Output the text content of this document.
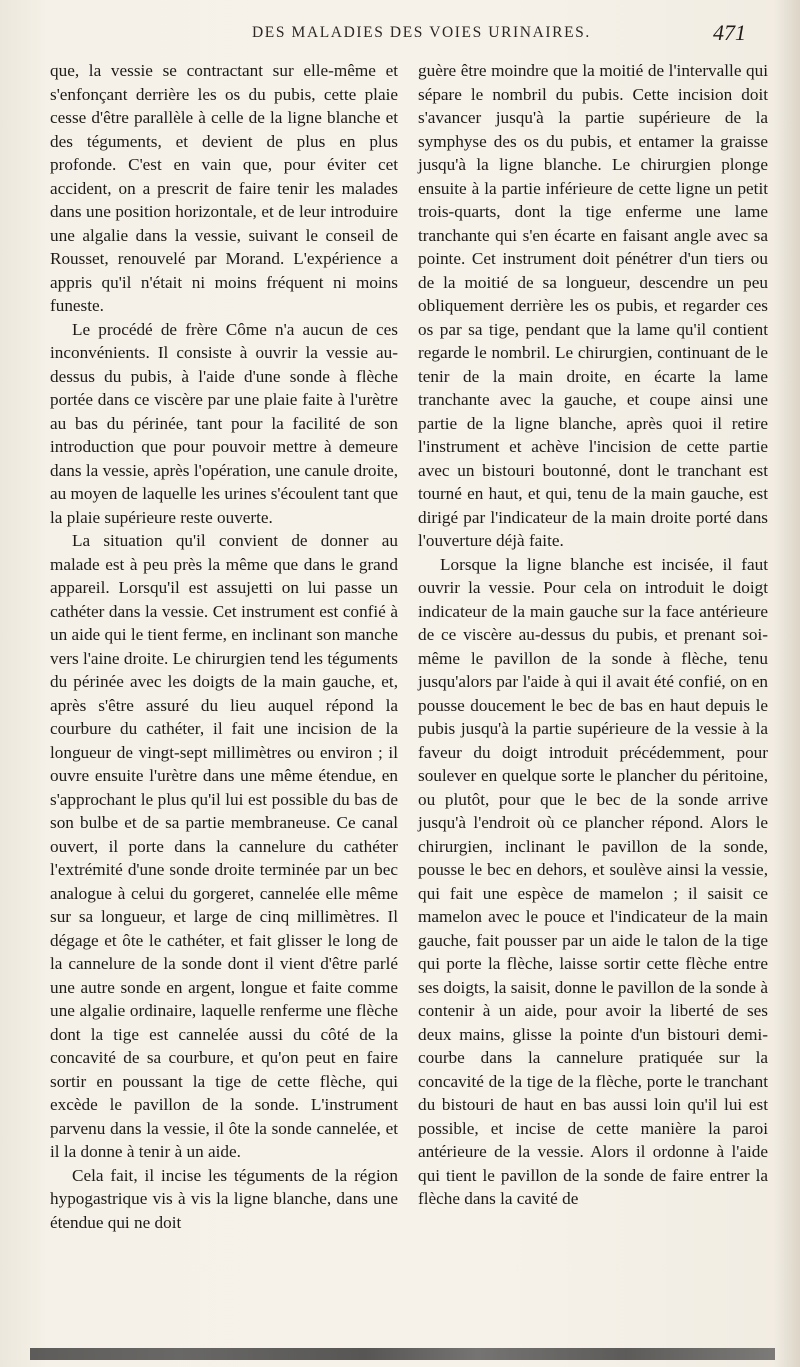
DES MALADIES DES VOIES URINAIRES.	471

que, la vessie se contractant sur elle-même et s'enfonçant derrière les os du pubis, cette plaie cesse d'être parallèle à celle de la ligne blanche et des téguments, et devient de plus en plus profonde. C'est en vain que, pour éviter cet accident, on a prescrit de faire tenir les malades dans une position horizontale, et de leur introduire une algalie dans la vessie, suivant le conseil de Rousset, renouvelé par Morand. L'expérience a appris qu'il n'était ni moins fréquent ni moins funeste.

Le procédé de frère Côme n'a aucun de ces inconvénients. Il consiste à ouvrir la vessie au-dessus du pubis, à l'aide d'une sonde à flèche portée dans ce viscère par une plaie faite à l'urètre au bas du périnée, tant pour la facilité de son introduction que pour pouvoir mettre à demeure dans la vessie, après l'opération, une canule droite, au moyen de laquelle les urines s'écoulent tant que la plaie supérieure reste ouverte.

La situation qu'il convient de donner au malade est à peu près la même que dans le grand appareil. Lorsqu'il est assujetti on lui passe un cathéter dans la vessie. Cet instrument est confié à un aide qui le tient ferme, en inclinant son manche vers l'aine droite. Le chirurgien tend les téguments du périnée avec les doigts de la main gauche, et, après s'être assuré du lieu auquel répond la courbure du cathéter, il fait une incision de la longueur de vingt-sept millimètres ou environ ; il ouvre ensuite l'urètre dans une même étendue, en s'approchant le plus qu'il lui est possible du bas de son bulbe et de sa partie membraneuse. Ce canal ouvert, il porte dans la cannelure du cathéter l'extrémité d'une sonde droite terminée par un bec analogue à celui du gorgeret, cannelée elle même sur sa longueur, et large de cinq millimètres. Il dégage et ôte le cathéter, et fait glisser le long de la cannelure de la sonde dont il vient d'être parlé une autre sonde en argent, longue et faite comme une algalie ordinaire, laquelle renferme une flèche dont la tige est cannelée aussi du côté de la concavité de sa courbure, et qu'on peut en faire sortir en poussant la tige de cette flèche, qui excède le pavillon de la sonde. L'instrument parvenu dans la vessie, il ôte la sonde cannelée, et il la donne à tenir à un aide.

Cela fait, il incise les téguments de la région hypogastrique vis à vis la ligne blanche, dans une étendue qui ne doit

guère être moindre que la moitié de l'intervalle qui sépare le nombril du pubis. Cette incision doit s'avancer jusqu'à la partie supérieure de la symphyse des os du pubis, et entamer la graisse jusqu'à la ligne blanche. Le chirurgien plonge ensuite à la partie inférieure de cette ligne un petit trois-quarts, dont la tige enferme une lame tranchante qui s'en écarte en faisant angle avec sa pointe. Cet instrument doit pénétrer d'un tiers ou de la moitié de sa longueur, descendre un peu obliquement derrière les os pubis, et regarder ces os par sa tige, pendant que la lame qu'il contient regarde le nombril. Le chirurgien, continuant de le tenir de la main droite, en écarte la lame tranchante avec la gauche, et coupe ainsi une partie de la ligne blanche, après quoi il retire l'instrument et achève l'incision de cette partie avec un bistouri boutonné, dont le tranchant est tourné en haut, et qui, tenu de la main gauche, est dirigé par l'indicateur de la main droite porté dans l'ouverture déjà faite.

Lorsque la ligne blanche est incisée, il faut ouvrir la vessie. Pour cela on introduit le doigt indicateur de la main gauche sur la face antérieure de ce viscère au-dessus du pubis, et prenant soi-même le pavillon de la sonde à flèche, tenu jusqu'alors par l'aide à qui il avait été confié, on en pousse doucement le bec de bas en haut depuis le pubis jusqu'à la partie supérieure de la vessie à la faveur du doigt introduit précédemment, pour soulever en quelque sorte le plancher du péritoine, ou plutôt, pour que le bec de la sonde arrive jusqu'à l'endroit où ce plancher répond. Alors le chirurgien, inclinant le pavillon de la sonde, pousse le bec en dehors, et soulève ainsi la vessie, qui fait une espèce de mamelon ; il saisit ce mamelon avec le pouce et l'indicateur de la main gauche, fait pousser par un aide le talon de la tige qui porte la flèche, laisse sortir cette flèche entre ses doigts, la saisit, donne le pavillon de la sonde à contenir à un aide, pour avoir la liberté de ses deux mains, glisse la pointe d'un bistouri demi-courbe dans la cannelure pratiquée sur la concavité de la tige de la flèche, porte le tranchant du bistouri de haut en bas aussi loin qu'il lui est possible, et incise de cette manière la paroi antérieure de la vessie. Alors il ordonne à l'aide qui tient le pavillon de la sonde de faire entrer la flèche dans la cavité de
